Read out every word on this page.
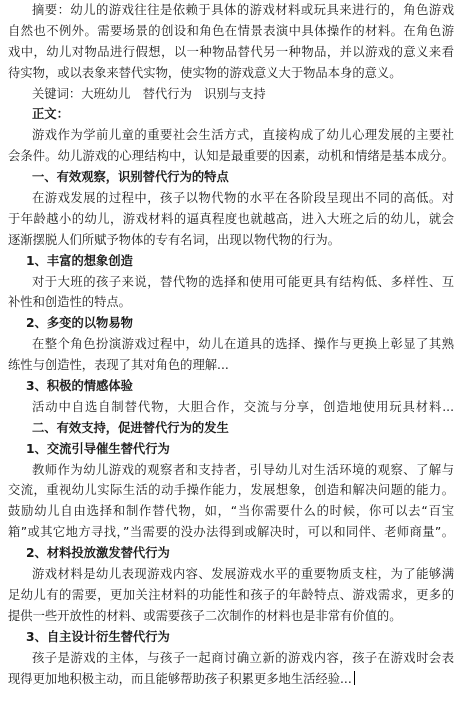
摘要：幼儿的游戏往往是依赖于具体的游戏材料或玩具来进行的，角色游戏
自然也不例外。需要场景的创设和角色在情景表演中具体操作的材料。在角色游
戏中，幼儿对物品进行假想，以一种物品替代另一种物品，并以游戏的意义来看
待实物，或以表象来替代实物，使实物的游戏意义大于物品本身的意义。
关键词：大班幼儿　替代行为　识别与支持
正文：
游戏作为学前儿童的重要社会生活方式，直接构成了幼儿心理发展的主要社
会条件。幼儿游戏的心理结构中，认知是最重要的因素，动机和情绪是基本成分。
一、有效观察，识别替代行为的特点
在游戏发展的过程中，孩子以物代物的水平在各阶段呈现出不同的高低。对
于年龄越小的幼儿，游戏材料的逼真程度也就越高，进入大班之后的幼儿，就会
逐渐摆脱人们所赋予物体的专有名词，出现以物代物的行为。
1、丰富的想象创造
对于大班的孩子来说，替代物的选择和使用可能更具有结构低、多样性、互
补性和创造性的特点。
2、多变的以物易物
在整个角色扮演游戏过程中，幼儿在道具的选择、操作与更换上彰显了其熟
练性与创造性，表现了其对角色的理解...
3、积极的情感体验
活动中自选自制替代物，大胆合作，交流与分享，创造地使用玩具材料...
二、有效支持，促进替代行为的发生
1、交流引导催生替代行为
教师作为幼儿游戏的观察者和支持者，引导幼儿对生活环境的观察、了解与
交流，重视幼儿实际生活的动手操作能力，发展想象，创造和解决问题的能力。
鼓励幼儿自由选择和制作替代物，如，“当你需要什么的时候，你可以去“百宝
箱”或其它地方寻找，”当需要的没办法得到或解决时，可以和同伴、老师商量”。
2、材料投放激发替代行为
游戏材料是幼儿表现游戏内容、发展游戏水平的重要物质支柱，为了能够满
足幼儿有的需要，更加关注材料的功能性和孩子的年龄特点、游戏需求，更多的
提供一些开放性的材料、或需要孩子二次制作的材料也是非常有价值的。
3、自主设计衍生替代行为
孩子是游戏的主体，与孩子一起商讨确立新的游戏内容，孩子在游戏时会表
现得更加地积极主动，而且能够帮助孩子积累更多地生活经验...
